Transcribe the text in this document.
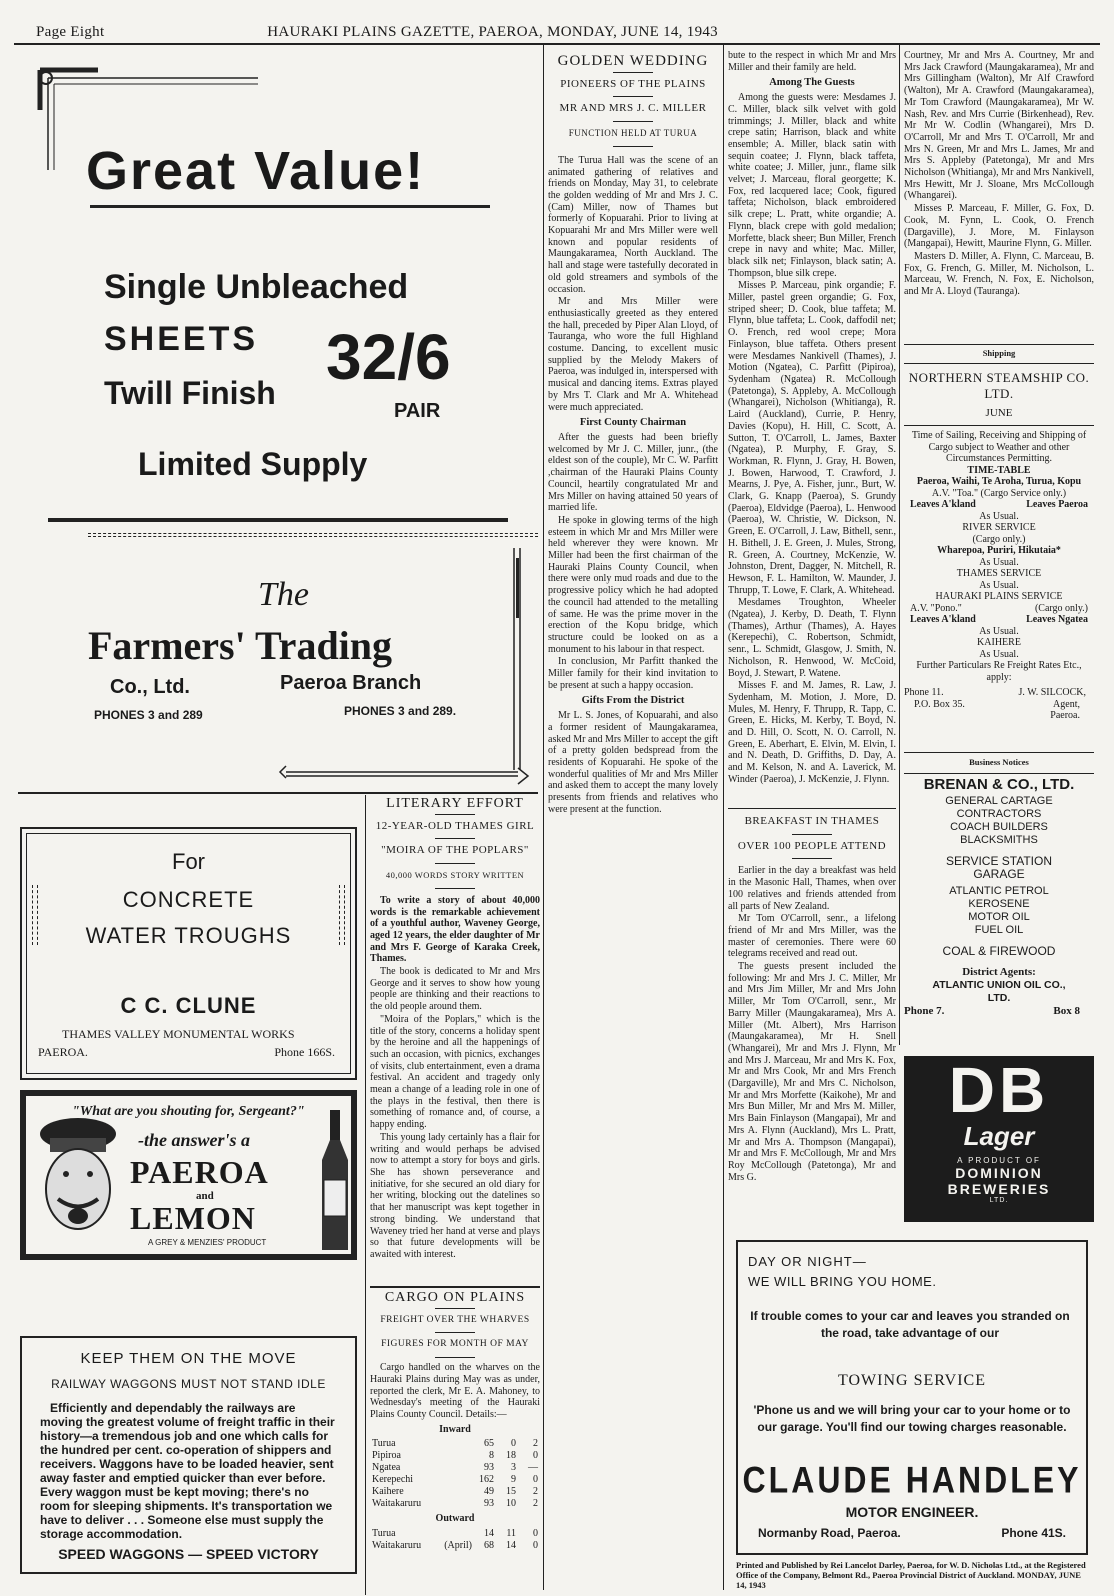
Page Eight	HAURAKI PLAINS GAZETTE, PAEROA, MONDAY, JUNE 14, 1943
Great Value!
Single Unbleached
SHEETS
Twill Finish 32/6
PAIR
Limited Supply
The
Farmers' Trading
Co., Ltd.	Paeroa Branch
PHONES 3 and 289	PHONES 3 and 289.
For
CONCRETE
WATER TROUGHS
C C. CLUNE
THAMES VALLEY MONUMENTAL WORKS
PAEROA.	Phone 166S.
"What are you shouting for, Sergeant?"
-the answer's a
PAEROA
and
LEMON
A GREY & MENZIES' PRODUCT
KEEP THEM ON THE MOVE
RAILWAY WAGGONS MUST NOT STAND IDLE
Efficiently and dependably the railways are moving the greatest volume of freight traffic in their history—a tremendous job and one which calls for the hundred per cent. co-operation of shippers and receivers. Waggons have to be loaded heavier, sent away faster and emptied quicker than ever before. Every waggon must be kept moving; there's no room for sleeping shipments. It's transportation we have to deliver . . . Someone else must supply the storage accommodation.
SPEED WAGGONS — SPEED VICTORY
GOLDEN WEDDING
PIONEERS OF THE PLAINS
MR AND MRS J. C. MILLER
FUNCTION HELD AT TURUA

The Turua Hall was the scene of an animated gathering of relatives and friends on Monday, May 31, to celebrate the golden wedding of Mr and Mrs J. C. (Cam) Miller, now of Thames but formerly of Kopuarahi. Prior to living at Kopuarahi Mr and Mrs Miller were well known and popular residents of Maungakaramea, North Auckland. The hall and stage were tastefully decorated in old gold streamers and symbols of the occasion.

Mr and Mrs Miller were enthusiastically greeted as they entered the hall, preceded by Piper Alan Lloyd, of Tauranga, who wore the full Highland costume. Dancing, to excellent music supplied by the Melody Makers of Paeroa, was indulged in, interspersed with musical and dancing items. Extras played by Mrs T. Clark and Mr A. Whitehead were much appreciated.

First County Chairman

After the guests had been briefly welcomed by Mr J. C. Miller, junr., (the eldest son of the couple), Mr C. W. Parfitt ,chairman of the Hauraki Plains County Council, heartily congratulated Mr and Mrs Miller on having attained 50 years of married life.

He spoke in glowing terms of the high esteem in which Mr and Mrs Miller were held wherever they were known. Mr Miller had been the first chairman of the Hauraki Plains County Council, when there were only mud roads and due to the progressive policy which he had adopted the council had attended to the metalling of same. He was the prime mover in the erection of the Kopu bridge, which structure could be looked on as a monument to his labour in that respect.

In conclusion, Mr Parfitt thanked the Miller family for their kind invitation to be present at such a happy occasion.

Gifts From the District

Mr L. S. Jones, of Kopuarahi, and also a former resident of Maungakaramea, asked Mr and Mrs Miller to accept the gift of a pretty golden bedspread from the residents of Kopuarahi. He spoke of the wonderful qualities of Mr and Mrs Miller and asked them to accept the many lovely presents from friends and relatives who were present at the function.

LITERARY EFFORT
12-YEAR-OLD THAMES GIRL
"MOIRA OF THE POPLARS"
40,000 WORDS STORY WRITTEN

To write a story of about 40,000 words is the remarkable achievement of a youthful author, Waveney George, aged 12 years, the elder daughter of Mr and Mrs F. George of Karaka Creek, Thames.

The book is dedicated to Mr and Mrs George and it serves to show how young people are thinking and their reactions to the old people around them.

"Moira of the Poplars," which is the title of the story, concerns a holiday spent by the heroine and all the happenings of such an occasion, with picnics, exchanges of visits, club entertainment, even a drama festival. An accident and tragedy only mean a change of a leading role in one of the plays in the festival, then there is something of romance and, of course, a happy ending.

This young lady certainly has a flair for writing and would perhaps be advised now to attempt a story for boys and girls. She has shown perseverance and initiative, for she secured an old diary for her writing, blocking out the datelines so that her manuscript was kept together in strong binding. We understand that Waveney tried her hand at verse and plays so that future developments will be awaited with interest.

CARGO ON PLAINS
FREIGHT OVER THE WHARVES
FIGURES FOR MONTH OF MAY

Cargo handled on the wharves on the Hauraki Plains during May was as under, reported the clerk, Mr E. A. Mahoney, to Wednesday's meeting of the Hauraki Plains County Council. Details:—

Inward
Turua	65	0	2
Pipiroa	8	18	0
Ngatea	93	3	—
Kerepechi	162	9	0
Kaihere	49	15	2
Waitakaruru	93	10	2
Outward
Turua		14	11	0
Waitakaruru	(April)	68	14	0

bute to the respect in which Mr and Mrs Miller and their family are held.

Among The Guests

Among the guests were: Mesdames J. C. Miller, black silk velvet with gold trimmings; J. Miller, black and white crepe satin; Harrison, black and white ensemble; A. Miller, black satin with sequin coatee; J. Flynn, black taffeta, white coatee; J. Miller, junr., flame silk velvet; J. Marceau, floral georgette; K. Fox, red lacquered lace; Cook, figured taffeta; Nicholson, black embroidered silk crepe; L. Pratt, white organdie; A. Flynn, black crepe with gold medalion; Morfette, black sheer; Bun Miller, French crepe in navy and white; Mac. Miller, black silk net; Finlayson, black satin; A. Thompson, blue silk crepe.

Misses P. Marceau, pink organdie; F. Miller, pastel green organdie; G. Fox, striped sheer; D. Cook, blue taffeta; M. Flynn, blue taffeta; L. Cook, daffodil net; O. French, red wool crepe; Mora Finlayson, blue taffeta. Others present were Mesdames Nankivell (Thames), J. Motion (Ngatea), C. Parfitt (Pipiroa), Sydenham (Ngatea) R. McCollough (Patetonga), S. Appleby, A. McCollough (Whangarei), Nicholson (Whitianga), R. Laird (Auckland), Currie, P. Henry, Davies (Kopu), H. Hill, C. Scott, A. Sutton, T. O'Carroll, L. James, Baxter (Ngatea), P. Murphy, F. Gray, S. Workman, R. Flynn, J. Gray, H. Bowen, J. Bowen, Harwood, T. Crawford, J. Mearns, J. Pye, A. Fisher, junr., Burt, W. Clark, G. Knapp (Paeroa), S. Grundy (Paeroa), Eldvidge (Paeroa), L. Henwood (Paeroa), W. Christie, W. Dickson, N. Green, E. O'Carroll, J. Law, Bithell, senr., H. Bithell, J. E. Green, J. Mules, Strong, R. Green, A. Courtney, McKenzie, W. Johnston, Drent, Dagger, N. Mitchell, R. Hewson, F. L. Hamilton, W. Maunder, J. Thrupp, T. Lowe, F. Clark, A. Whitehead.

Mesdames Troughton, Wheeler (Ngatea), J. Kerby, D. Death, T. Flynn (Thames), Arthur (Thames), A. Hayes (Kerepechi), C. Robertson, Schmidt, senr., L. Schmidt, Glasgow, J. Smith, N. Nicholson, R. Henwood, W. McCoid, Boyd, J. Stewart, P. Watene.

Misses F. and M. James, R. Law, J. Sydenham, M. Motion, J. More, D. Mules, M. Henry, F. Thrupp, R. Tapp, C. Green, E. Hicks, M. Kerby, T. Boyd, N. and D. Hill, O. Scott, N. O. Carroll, N. Green, E. Aberhart, E. Elvin, M. Elvin, I. and N. Death, D. Griffiths, D. Day, A. and M. Kelson, N. and A. Laverick, M. Winder (Paeroa), J. McKenzie, J. Flynn.

BREAKFAST IN THAMES
OVER 100 PEOPLE ATTEND

Earlier in the day a breakfast was held in the Masonic Hall, Thames, when over 100 relatives and friends attended from all parts of New Zealand.

Mr Tom O'Carroll, senr., a lifelong friend of Mr and Mrs Miller, was the master of ceremonies. There were 60 telegrams received and read out.

The guests present included the following: Mr and Mrs J. C. Miller, Mr and Mrs Jim Miller, Mr and Mrs John Miller, Mr Tom O'Carroll, senr., Mr Barry Miller (Maungakaramea), Mrs A. Miller (Mt. Albert), Mrs Harrison (Maungakaramea), Mr H. Snell (Whangarei), Mr and Mrs J. Flynn, Mr and Mrs J. Marceau, Mr and Mrs K. Fox, Mr and Mrs Cook, Mr and Mrs French (Dargaville), Mr and Mrs C. Nicholson, Mr and Mrs Morfette (Kaikohe), Mr and Mrs Bun Miller, Mr and Mrs M. Miller, Mrs Bain Finlayson (Mangapai), Mr and Mrs A. Flynn (Auckland), Mrs L. Pratt, Mr and Mrs A. Thompson (Mangapai), Mr and Mrs F. McCollough, Mr and Mrs Roy McCollough (Patetonga), Mr and Mrs G.

Courtney, Mr and Mrs A. Courtney, Mr and Mrs Jack Crawford (Maungakaramea), Mr and Mrs Gillingham (Walton), Mr Alf Crawford (Walton), Mr A. Crawford (Maungakaramea), Mr Tom Crawford (Maungakaramea), Mr W. Nash, Rev. and Mrs Currie (Birkenhead), Rev. Mr Mr W. Codlin (Whangarei), Mrs D. O'Carroll, Mr and Mrs T. O'Carroll, Mr and Mrs N. Green, Mr and Mrs L. James, Mr and Mrs S. Appleby (Patetonga), Mr and Mrs Nicholson (Whitianga), Mr and Mrs Nankivell, Mrs Hewitt, Mr J. Sloane, Mrs McCollough (Whangarei).

Misses P. Marceau, F. Miller, G. Fox, D. Cook, M. Fynn, L. Cook, O. French (Dargaville), J. More, M. Finlayson (Mangapai), Hewitt, Maurine Flynn, G. Miller.

Masters D. Miller, A. Flynn, C. Marceau, B. Fox, G. French, G. Miller, M. Nicholson, L. Marceau, W. French, N. Fox, E. Nicholson, and Mr A. Lloyd (Tauranga).

Shipping
NORTHERN STEAMSHIP CO. LTD.
JUNE
Time of Sailing, Receiving and Shipping of Cargo subject to Weather and other Circumstances Permitting.
TIME-TABLE
Paeroa, Waihi, Te Aroha, Turua, Kopu
A.V. "Toa." (Cargo Service only.)
Leaves A'kland	Leaves Paeroa
As Usual.
RIVER SERVICE
(Cargo only.)
Wharepoa, Puriri, Hikutaia*
As Usual.
THAMES SERVICE
As Usual.
HAURAKI PLAINS SERVICE
A.V. "Pono."	(Cargo only.)
Leaves A'kland	Leaves Ngatea
As Usual.
KAIHERE
As Usual.
Further Particulars Re Freight Rates Etc., apply:
Phone 11.	J. W. SILCOCK,
P.O. Box 35.	Agent,
Paeroa.
Business Notices
BRENAN & CO., LTD.
GENERAL CARTAGE
CONTRACTORS
COACH BUILDERS
BLACKSMITHS
SERVICE STATION
GARAGE
ATLANTIC PETROL
KEROSENE
MOTOR OIL
FUEL OIL
COAL & FIREWOOD
District Agents:
ATLANTIC UNION OIL CO.,
LTD.
Phone 7.	Box 8
DB
Lager
A PRODUCT OF
DOMINION
BREWERIES
LTD.
DAY OR NIGHT—
WE WILL BRING YOU HOME.
If trouble comes to your car and leaves you stranded on the road, take advantage of our
TOWING SERVICE
'Phone us and we will bring your car to your home or to our garage. You'll find our towing charges reasonable.
CLAUDE HANDLEY
MOTOR ENGINEER.
Normanby Road, Paeroa.	Phone 41S.
Printed and Published by Rei Lancelot Darley, Paeroa, for W. D. Nicholas Ltd., at the Registered Office of the Company, Belmont Rd., Paeroa Provincial District of Auckland. MONDAY, JUNE 14, 1943
